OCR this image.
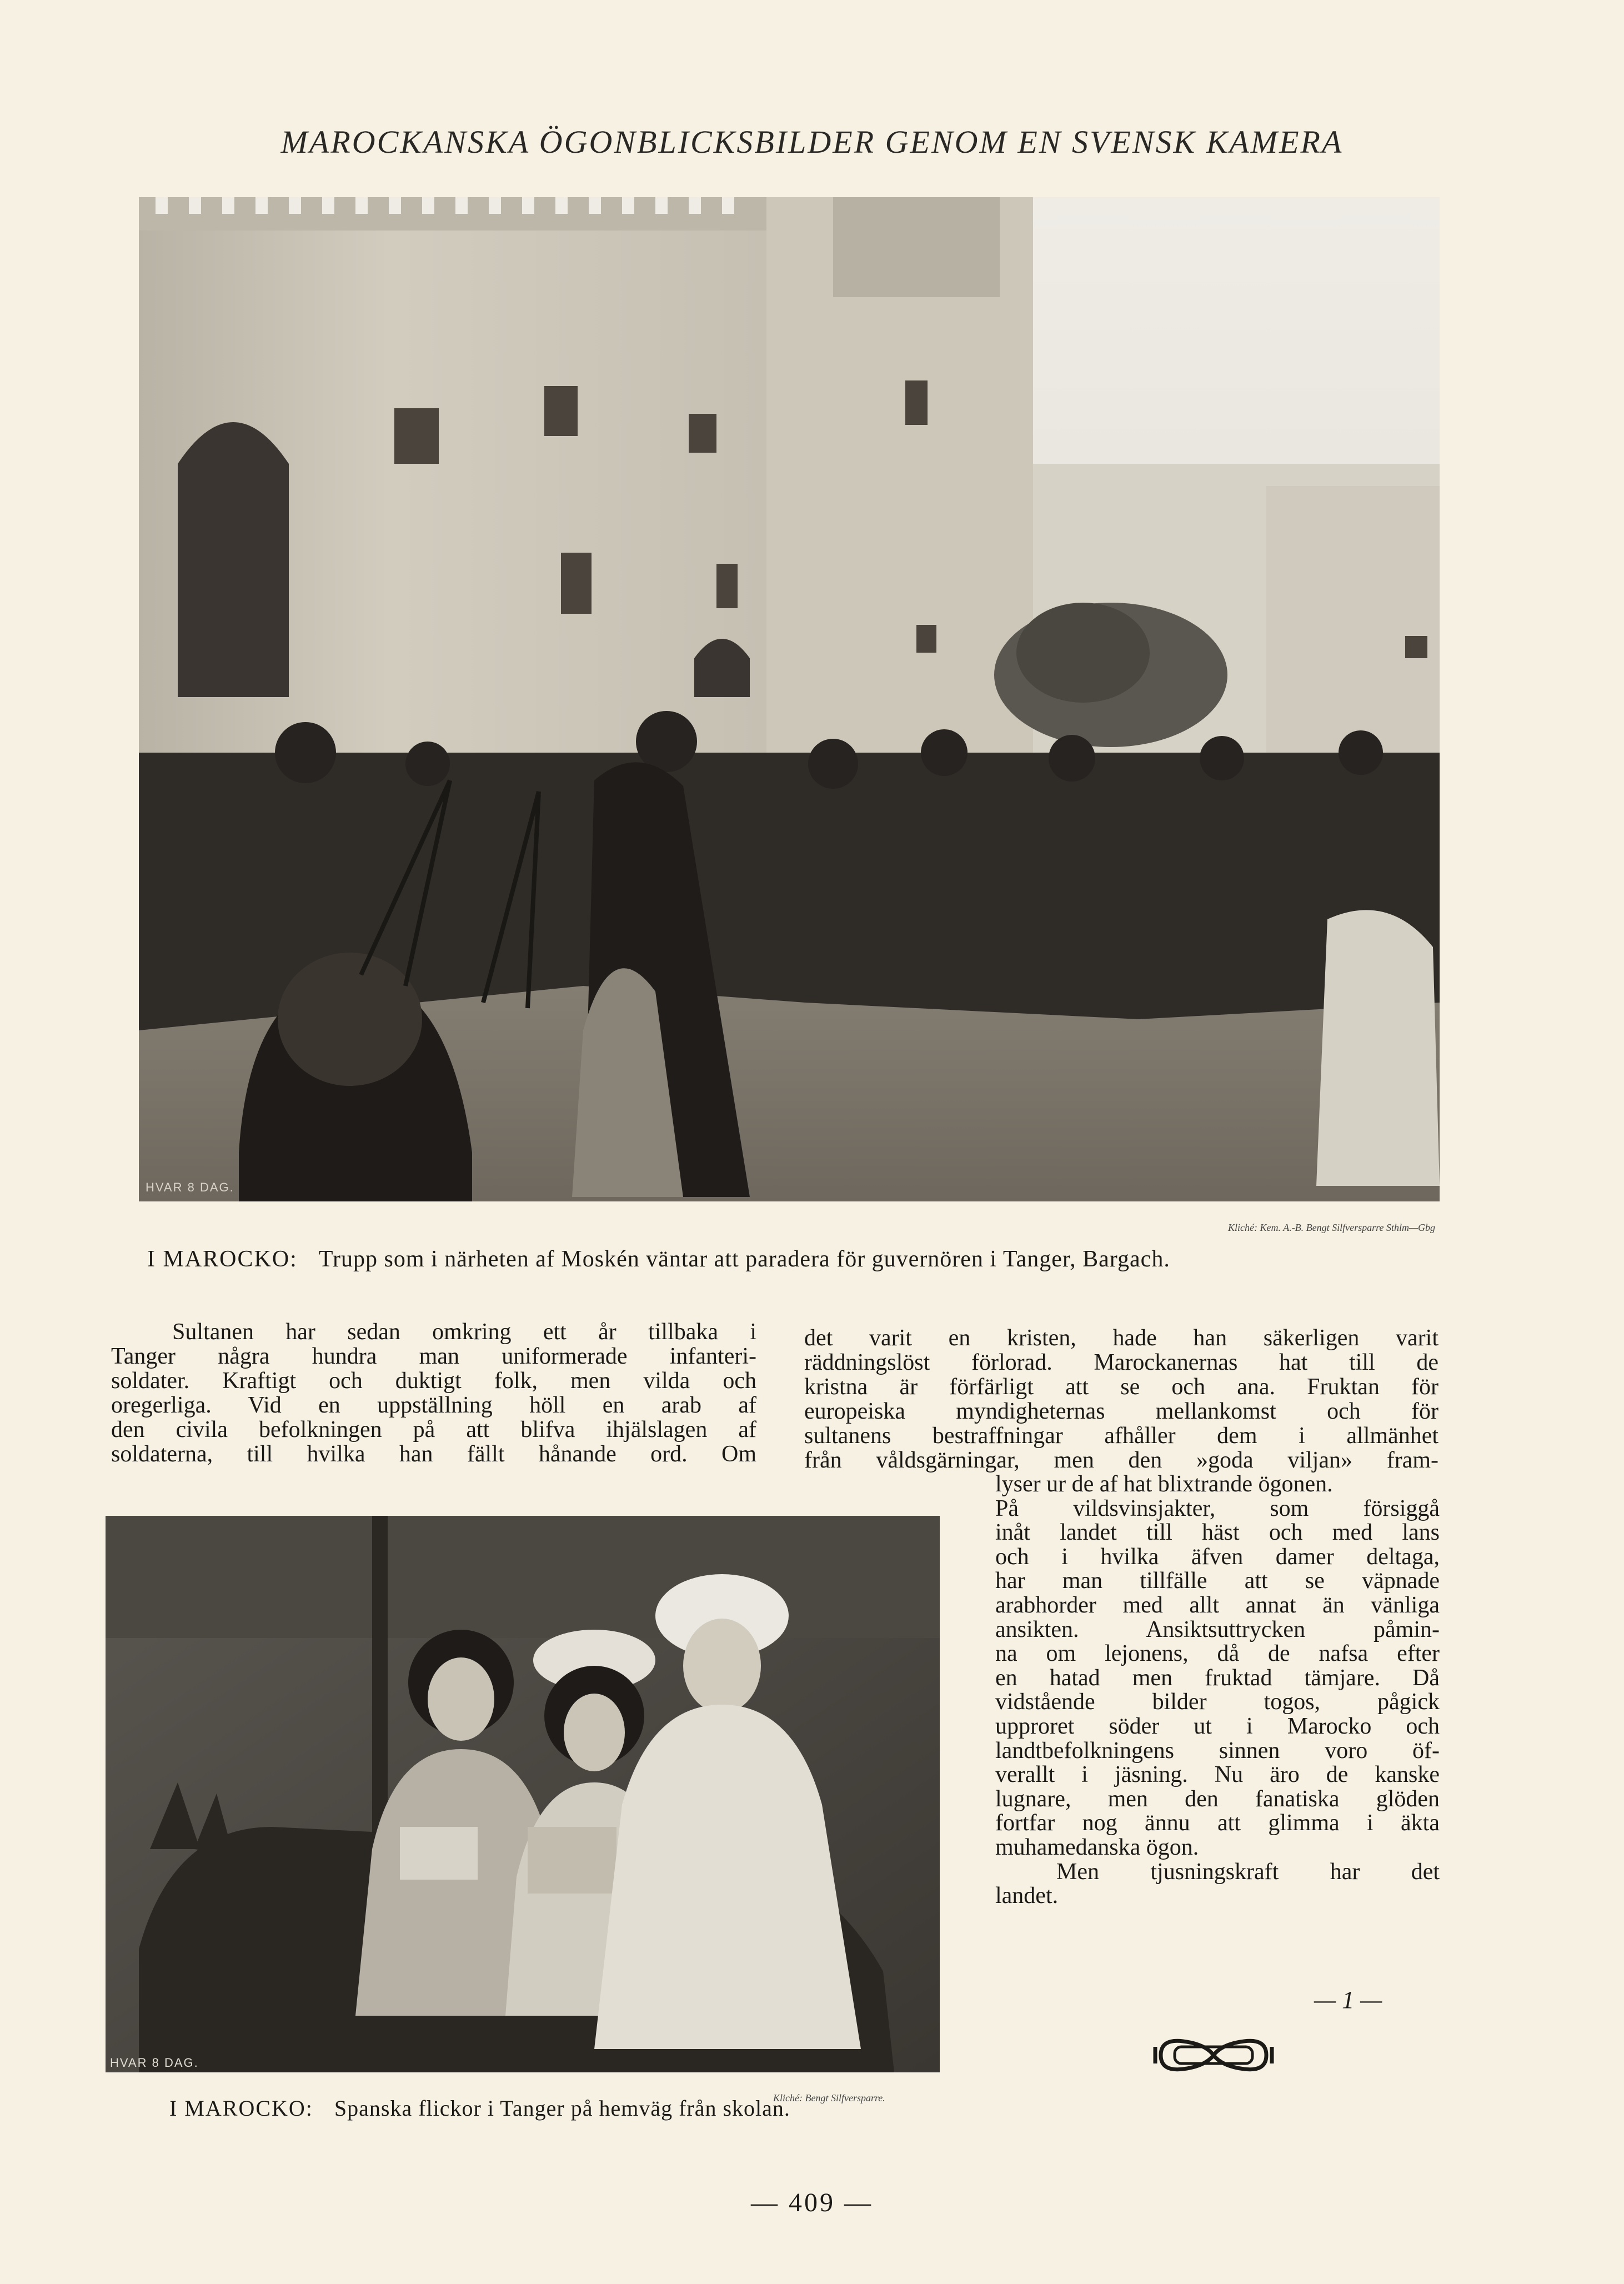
MAROCKANSKA ÖGONBLICKSBILDER GENOM EN SVENSK KAMERA
HVAR 8 DAG.
Kliché: Kem. A.-B. Bengt Silfversparre Sthlm—Gbg
I MAROCKO: Trupp som i närheten af Moskén väntar att paradera för guvernören i Tanger, Bargach.
Sultanen har sedan omkring ett år tillbaka i
Tanger några hundra man uniformerade infanteri-
soldater. Kraftigt och duktigt folk, men vilda och
oregerliga. Vid en uppställning höll en arab af
den civila befolkningen på att blifva ihjälslagen af
soldaterna, till hvilka han fällt hånande ord. Om
det varit en kristen, hade han säkerligen varit
räddningslöst förlorad. Marockanernas hat till de
kristna är förfärligt att se och ana. Fruktan för
europeiska myndigheternas mellankomst och för
sultanens bestraffningar afhåller dem i allmänhet
från våldsgärningar, men den »goda viljan» fram-
lyser ur de af hat blixtrande ögonen.
På vildsvinsjakter, som försiggå
inåt landet till häst och med lans
och i hvilka äfven damer deltaga,
har man tillfälle att se väpnade
arabhorder med allt annat än vänliga
ansikten. Ansiktsuttrycken påmin-
na om lejonens, då de nafsa efter
en hatad men fruktad tämjare. Då
vidstående bilder togos, pågick
upproret söder ut i Marocko och
landtbefolkningens sinnen voro öf-
verallt i jäsning. Nu äro de kanske
lugnare, men den fanatiska glöden
fortfar nog ännu att glimma i äkta
muhamedanska ögon.
Men tjusningskraft har det
landet.
HVAR 8 DAG.
Kliché: Bengt Silfversparre.
I MAROCKO: Spanska flickor i Tanger på hemväg från skolan.
— 1 —
— 409 —
